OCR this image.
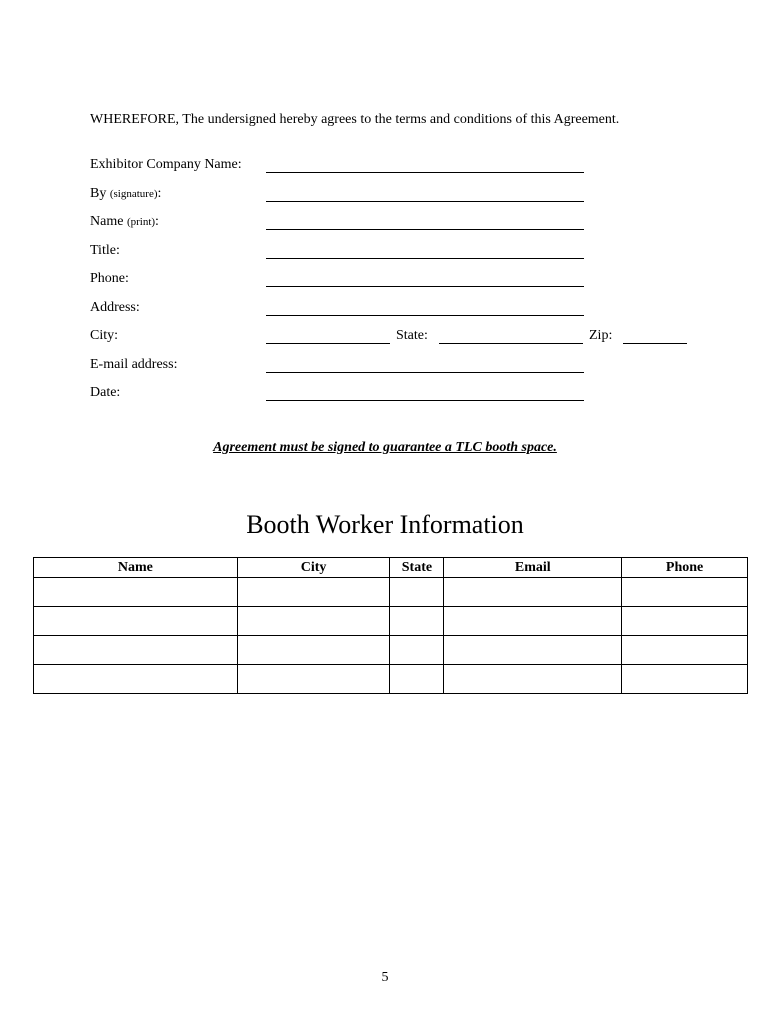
WHEREFORE, The undersigned hereby agrees to the terms and conditions of this Agreement.
Exhibitor Company Name:
By (signature):
Name (print):
Title:
Phone:
Address:
City:	State:	Zip:
E-mail address:
Date:
Agreement must be signed to guarantee a TLC booth space.
Booth Worker Information
Name	City	State	Email	Phone

5
